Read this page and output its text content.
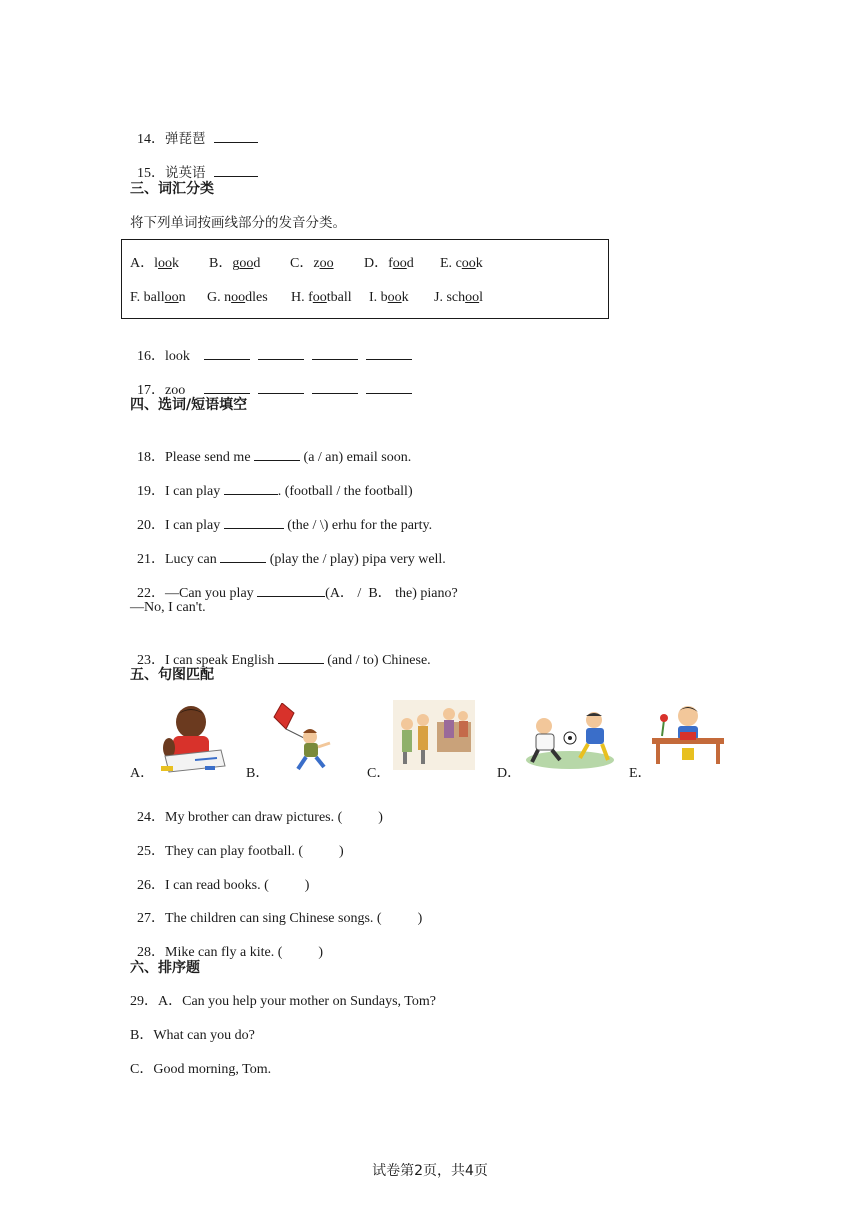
14．弹琵琶

15．说英语

三、词汇分类
将下列单词按画线部分的发音分类。
A．look B．good C．zoo D．food E. cook
F. balloon G. noodles H. football I. book J. school

16．look

17．zoo

四、选词/短语填空

18．Please send me	(a / an) email soon.

19．I can play	. (football / the football)

20．I can play	(the / \) erhu for the party.

21．Lucy can	(play the / play) pipa very well.

22．—Can you play	(A． /  B． the) piano?

—No, I can't.

23．I can speak English	(and / to) Chinese.

五、句图匹配
A．	B．	C．	D．	E．

24．My brother can draw pictures. (	)

25．They can play football. (	)

26．I can read books. (	)

27．The children can sing Chinese songs. (	)

28．Mike can fly a kite. (	)

六、排序题
29．A．Can you help your mother on Sundays, Tom?
B．What can you do?
C．Good morning, Tom.
试卷第2页，共4页
